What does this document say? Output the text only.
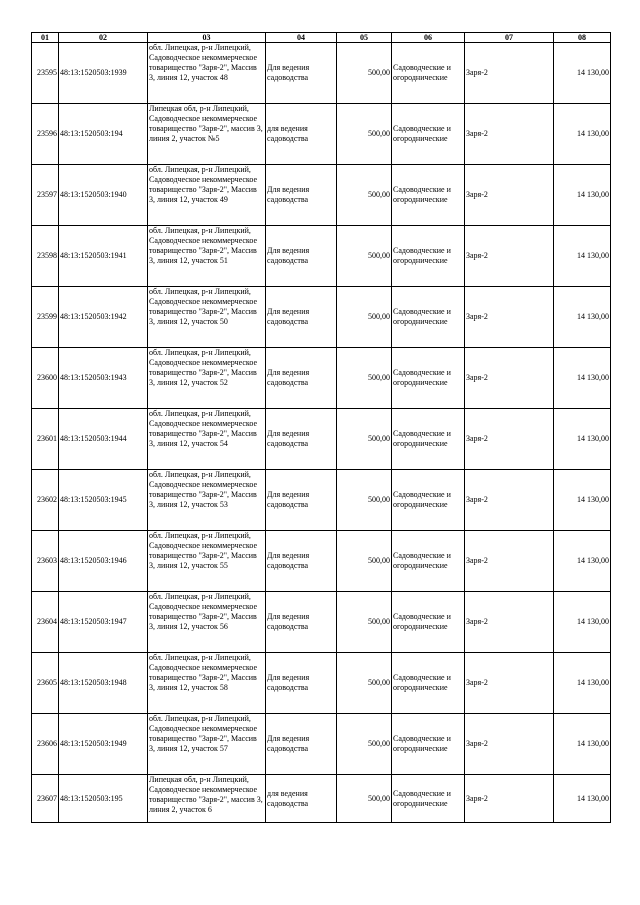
01	02	03	04	05	06	07	08
23595	48:13:1520503:1939	обл. Липецкая, р-н Липецкий, Садоводческое некоммерческое товарищество "Заря-2", Массив 3, линия 12, участок 48	Для ведения садоводства	500,00	Садоводческие и огороднические	Заря-2	14 130,00
23596	48:13:1520503:194	Липецкая обл, р-н Липецкий, Садоводческое некоммерческое товарищество "Заря-2", массив 3, линия 2, участок №5	для ведения садоводства	500,00	Садоводческие и огороднические	Заря-2	14 130,00
23597	48:13:1520503:1940	обл. Липецкая, р-н Липецкий, Садоводческое некоммерческое товарищество "Заря-2", Массив 3, линия 12, участок 49	Для ведения садоводства	500,00	Садоводческие и огороднические	Заря-2	14 130,00
23598	48:13:1520503:1941	обл. Липецкая, р-н Липецкий, Садоводческое некоммерческое товарищество "Заря-2", Массив 3, линия 12, участок 51	Для ведения садоводства	500,00	Садоводческие и огороднические	Заря-2	14 130,00
23599	48:13:1520503:1942	обл. Липецкая, р-н Липецкий, Садоводческое некоммерческое товарищество "Заря-2", Массив 3, линия 12, участок 50	Для ведения садоводства	500,00	Садоводческие и огороднические	Заря-2	14 130,00
23600	48:13:1520503:1943	обл. Липецкая, р-н Липецкий, Садоводческое некоммерческое товарищество "Заря-2", Массив 3, линия 12, участок 52	Для ведения садоводства	500,00	Садоводческие и огороднические	Заря-2	14 130,00
23601	48:13:1520503:1944	обл. Липецкая, р-н Липецкий, Садоводческое некоммерческое товарищество "Заря-2", Массив 3, линия 12, участок 54	Для ведения садоводства	500,00	Садоводческие и огороднические	Заря-2	14 130,00
23602	48:13:1520503:1945	обл. Липецкая, р-н Липецкий, Садоводческое некоммерческое товарищество "Заря-2", Массив 3, линия 12, участок 53	Для ведения садоводства	500,00	Садоводческие и огороднические	Заря-2	14 130,00
23603	48:13:1520503:1946	обл. Липецкая, р-н Липецкий, Садоводческое некоммерческое товарищество "Заря-2", Массив 3, линия 12, участок 55	Для ведения садоводства	500,00	Садоводческие и огороднические	Заря-2	14 130,00
23604	48:13:1520503:1947	обл. Липецкая, р-н Липецкий, Садоводческое некоммерческое товарищество "Заря-2", Массив 3, линия 12, участок 56	Для ведения садоводства	500,00	Садоводческие и огороднические	Заря-2	14 130,00
23605	48:13:1520503:1948	обл. Липецкая, р-н Липецкий, Садоводческое некоммерческое товарищество "Заря-2", Массив 3, линия 12, участок 58	Для ведения садоводства	500,00	Садоводческие и огороднические	Заря-2	14 130,00
23606	48:13:1520503:1949	обл. Липецкая, р-н Липецкий, Садоводческое некоммерческое товарищество "Заря-2", Массив 3, линия 12, участок 57	Для ведения садоводства	500,00	Садоводческие и огороднические	Заря-2	14 130,00
23607	48:13:1520503:195	Липецкая обл, р-н Липецкий, Садоводческое некоммерческое товарищество "Заря-2", массив 3, линия 2, участок 6	для ведения садоводства	500,00	Садоводческие и огороднические	Заря-2	14 130,00
